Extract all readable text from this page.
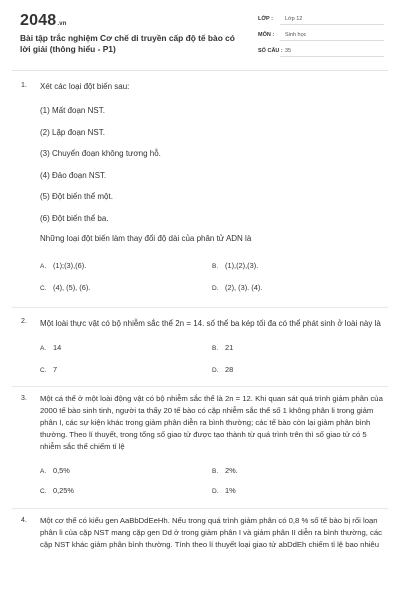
2048.vn
Bài tập trắc nghiệm Cơ chế di truyền cấp độ tế bào có lời giải (thông hiểu - P1)
LỚP : Lớp 12
MÔN : Sinh học
SỐ CÂU : 35
1. Xét các loại đột biến sau:
(1) Mất đoạn NST.
(2) Lặp đoạn NST.
(3) Chuyển đoạn không tương hỗ.
(4) Đảo đoạn NST.
(5) Đột biến thể một.
(6) Đột biến thể ba.
Những loại đột biến làm thay đổi độ dài của phân tử ADN là
A. (1);(3),(6).	B. (1),(2),(3).
C. (4), (5), (6).	D. (2), (3). (4).
2. Một loài thực vật có bộ nhiễm sắc thể 2n = 14. số thể ba kép tối đa có thể phát sinh ở loài này là
A. 14	B. 21
C. 7	D. 28
3. Một cá thể ở một loài động vật có bộ nhiễm sắc thể là 2n = 12. Khi quan sát quá trình giảm phân của 2000 tế bào sinh tinh, người ta thấy 20 tế bào có cặp nhiễm sắc thể số 1 không phân li trong giảm phân I, các sự kiện khác trong giảm phân diễn ra bình thường; các tế bào còn lại giảm phân bình thường. Theo lí thuyết, trong tổng số giao tử được tạo thành từ quá trình trên thì số giao tử có 5 nhiễm sắc thể chiếm tỉ lệ
A. 0,5%	B. 2%.
C. 0,25%	D. 1%
4. Một cơ thể có kiểu gen AaBbDdEeHh. Nếu trong quá trình giảm phân có 0,8 % số tế bào bị rối loạn phân li của cặp NST mang cặp gen Dd ở trong giảm phân I và giảm phân II diễn ra bình thường, các cặp NST khác giảm phân bình thường. Tính theo lí thuyết loại giao tử abDdEh chiếm tỉ lệ bao nhiêu
